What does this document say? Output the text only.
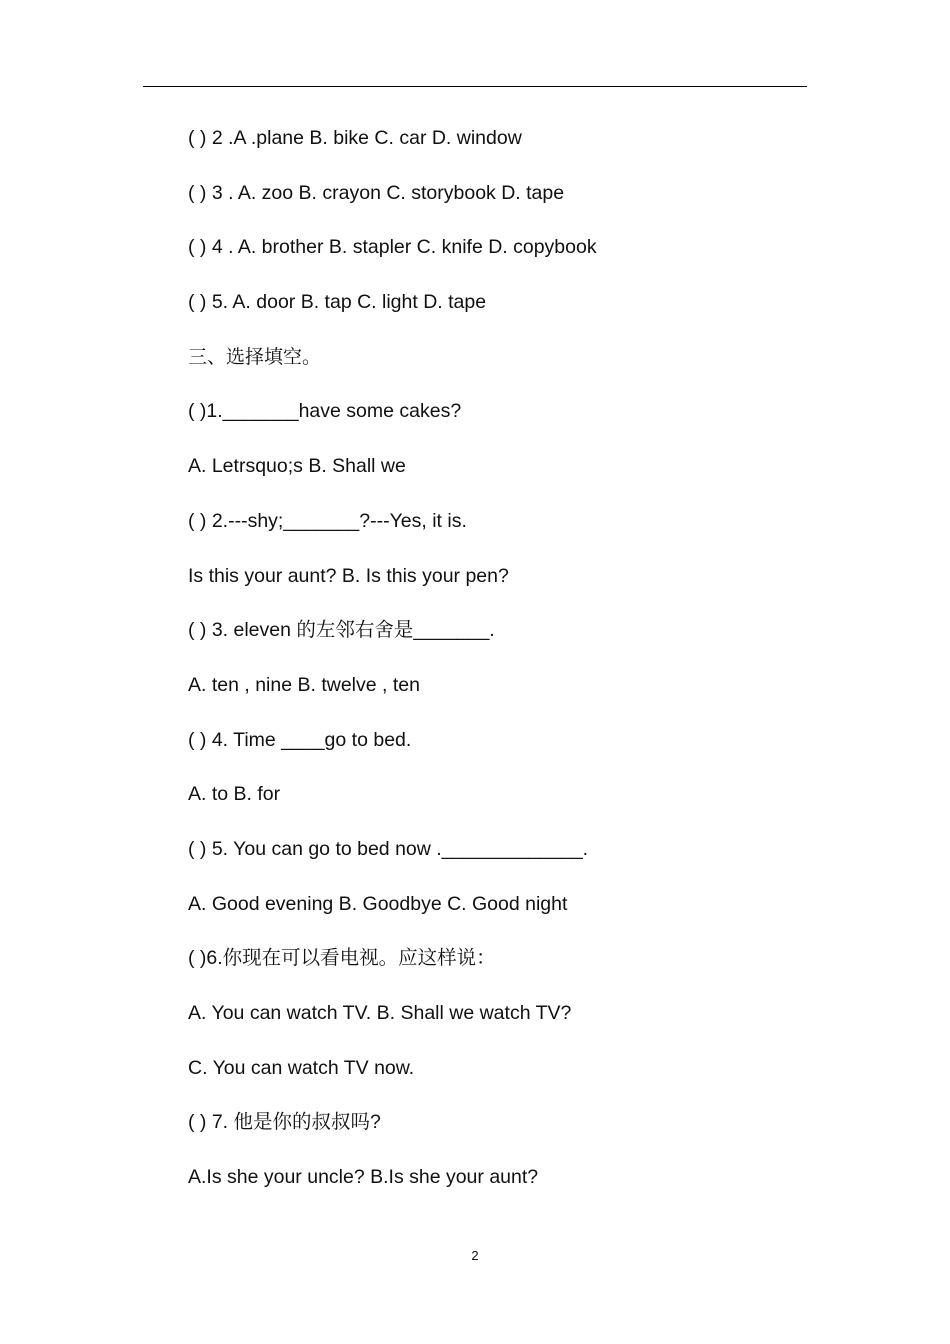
( ) 2 .A .plane B. bike C. car D. window
( ) 3 . A. zoo B. crayon C. storybook D. tape
( ) 4 . A. brother B. stapler C. knife D. copybook
( ) 5. A. door B. tap C. light D. tape
三、选择填空。
( )1._______have some cakes?
A. Letrsquo;s B. Shall we
( ) 2.---shy;_______?---Yes, it is.
Is this your aunt? B. Is this your pen?
( ) 3. eleven 的左邻右舍是_______.
A. ten , nine B. twelve , ten
( ) 4. Time ____go to bed.
A. to B. for
( ) 5. You can go to bed now ._____________.
A. Good evening B. Goodbye C. Good night
( )6.你现在可以看电视。应这样说：
A. You can watch TV. B. Shall we watch TV?
C. You can watch TV now.
( ) 7. 他是你的叔叔吗?
A.Is she your uncle? B.Is she your aunt?
2
